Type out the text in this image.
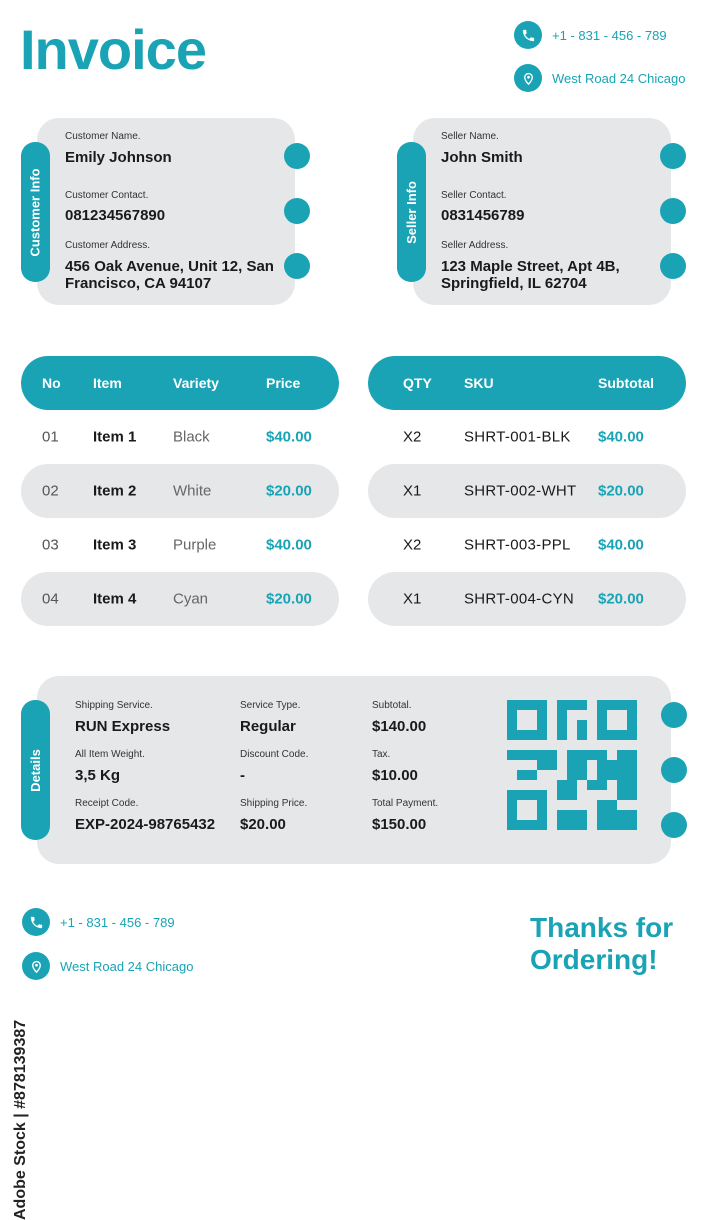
Invoice	+1 - 831 - 456 - 789
West Road 24 Chicago
Customer Info
Customer Name.
Emily Johnson
Customer Contact.
081234567890
Customer Address.
456 Oak Avenue, Unit 12, San
Francisco, CA 94107
Seller Info
Seller Name.
John Smith
Seller Contact.
0831456789
Seller Address.
123 Maple Street, Apt 4B,
Springfield, IL 62704
No Item	Variety	Price	QTY SKU	Subtotal
01 Item 1 Black	$40.00	X2	SHRT-001-BLK $40.00
02 Item 2 White	$20.00	X1	SHRT-002-WHT $20.00
03 Item 3 Purple	$40.00	X2	SHRT-003-PPL $40.00
04 Item 4 Cyan	$20.00	X1	SHRT-004-CYN $20.00
Details
Shipping Service.
RUN Express
Service Type.
Regular
Subtotal.
$140.00
All Item Weight.
3,5 Kg
Discount Code.
-
Tax.
$10.00
Receipt Code.
EXP-2024-98765432
Shipping Price.
$20.00
Total Payment.
$150.00
+1 - 831 - 456 - 789
West Road 24 Chicago
Thanks for
Ordering!
Adobe Stock | #878139387
